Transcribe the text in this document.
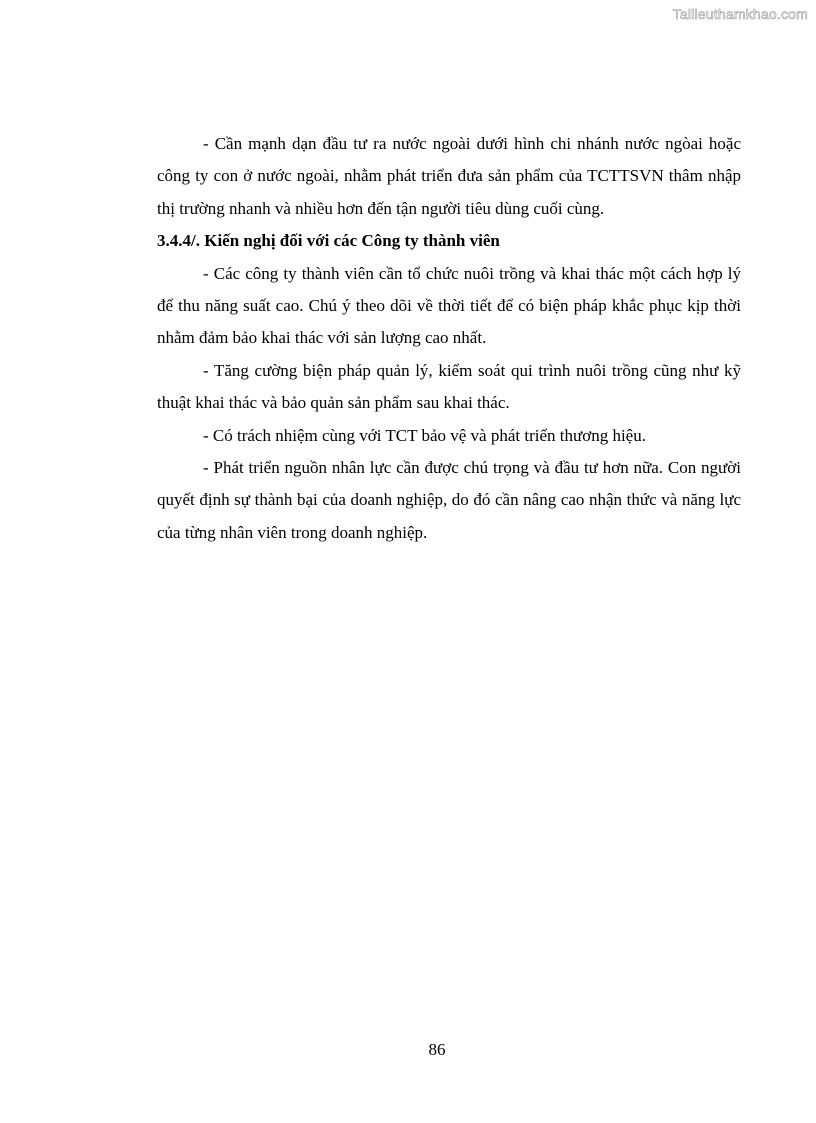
Tailieuthamkhao.com

- Cần mạnh dạn đầu tư ra nước ngoài dưới hình chi nhánh nước ngòai hoặc công ty con ở nước ngoài, nhằm phát triển đưa sản phẩm của TCTTSVN thâm nhập thị trường nhanh và nhiều hơn đến tận người tiêu dùng cuối cùng.

3.4.4/. Kiến nghị đối với các Công ty thành viên

- Các công ty thành viên cần tổ chức nuôi trồng và khai thác một cách hợp lý để thu năng suất cao. Chú ý theo dõi về thời tiết để có biện pháp khắc phục kịp thời nhằm đảm bảo khai thác với sản lượng cao nhất.

- Tăng cường biện pháp quản lý, kiểm soát qui trình nuôi trồng cũng như kỹ thuật khai thác và bảo quản sản phẩm sau khai thác.

- Có trách nhiệm cùng với TCT bảo vệ và phát triển thương hiệu.

- Phát triển nguồn nhân lực cần được chú trọng và đầu tư hơn nữa. Con người quyết định sự thành bại của doanh nghiệp, do đó cần nâng cao nhận thức và năng lực của từng nhân viên trong doanh nghiệp.

86
